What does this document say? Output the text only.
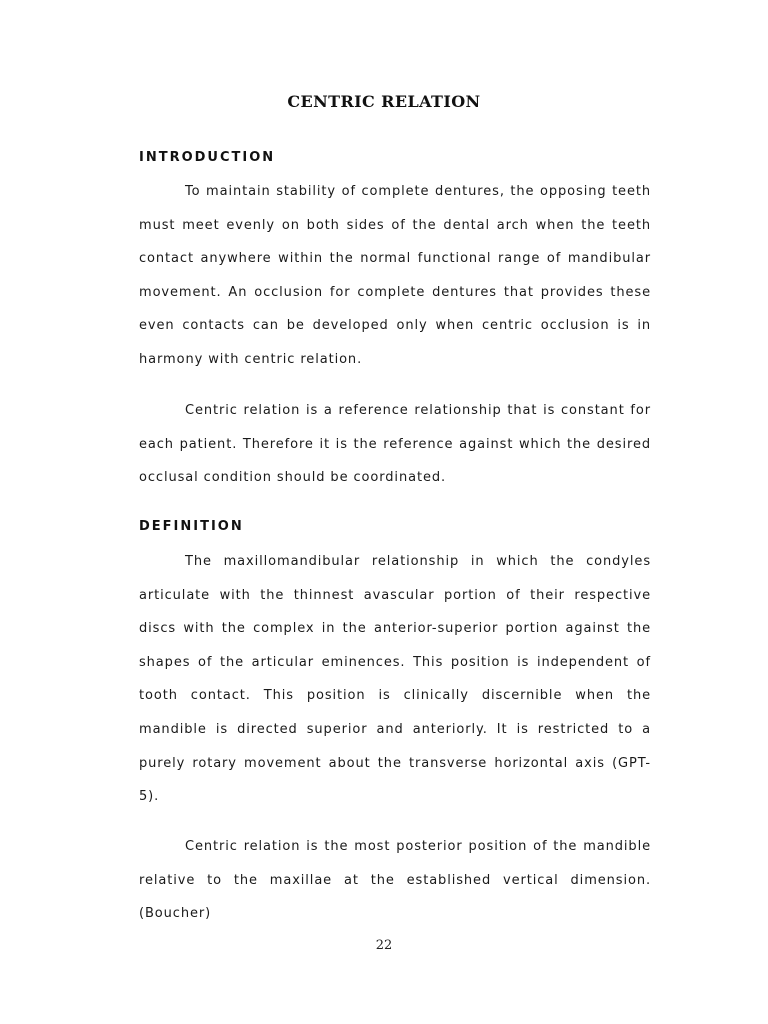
CENTRIC RELATION
INTRODUCTION

To maintain stability of complete dentures, the opposing teeth must meet evenly on both sides of the dental arch when the teeth contact anywhere within the normal functional range of mandibular movement. An occlusion for complete dentures that provides these even contacts can be developed only when centric occlusion is in harmony with centric relation.

Centric relation is a reference relationship that is constant for each patient. Therefore it is the reference against which the desired occlusal condition should be coordinated.

DEFINITION

The maxillomandibular relationship in which the condyles articulate with the thinnest avascular portion of their respective discs with the complex in the anterior-superior portion against the shapes of the articular eminences. This position is independent of tooth contact. This position is clinically discernible when the mandible is directed superior and anteriorly. It is restricted to a purely rotary movement about the transverse horizontal axis (GPT-5).

Centric relation is the most posterior position of the mandible relative to the maxillae at the established vertical dimension. (Boucher)

22
